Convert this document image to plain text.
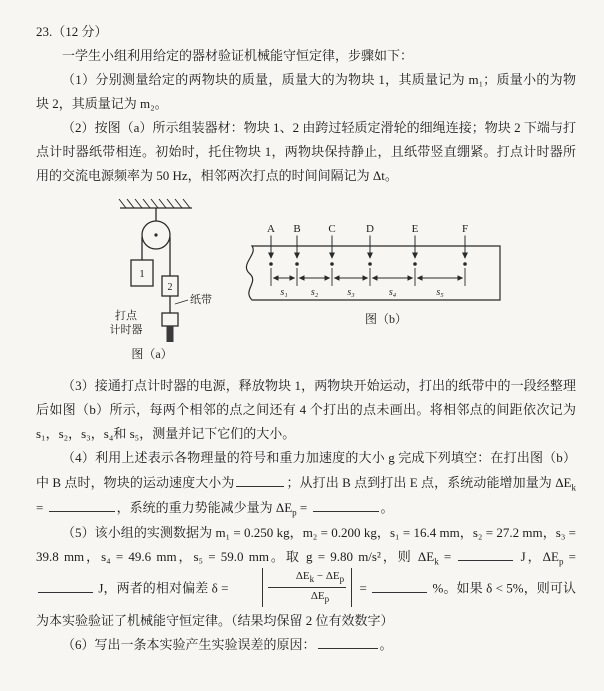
23.（12 分）

一学生小组利用给定的器材验证机械能守恒定律，步骤如下：

（1）分别测量给定的两物块的质量，质量大的为物块 1，其质量记为 m₁；质量小的为物块 2，其质量记为 m₂。

（2）按图（a）所示组装器材：物块 1、2 由跨过轻质定滑轮的细绳连接；物块 2 下端与打点计时器纸带相连。初始时，托住物块 1，两物块保持静止，且纸带竖直绷紧。打点计时器所用的交流电源频率为 50 Hz，相邻两次打点的时间间隔记为 Δt。

1
2
打点
计时器
纸带
图（a）
A B	C	D	E	F
s₁ s₂	s₃	s₄	s₅
图（b）

（3）接通打点计时器的电源，释放物块 1，两物块开始运动，打出的纸带中的一段经整理后如图（b）所示，每两个相邻的点之间还有 4 个打出的点未画出。将相邻点的间距依次记为 s₁，s₂，s₃，s₄和 s₅，测量并记下它们的大小。

（4）利用上述表示各物理量的符号和重力加速度的大小 g 完成下列填空：在打出图（b）中 B 点时，物块的运动速度大小为	；从打出 B 点到打出 E 点，系统动能增加量为 $\Delta E_k$ =	，系统的重力势能减少量为 $\Delta E_p$ =	。

（5）该小组的实测数据为 m₁ = 0.250 kg，m₂ = 0.200 kg，s₁ = 16.4 mm，s₂ = 27.2 mm，s₃ = 39.8 mm，s₄ = 49.6 mm，s₅ = 59.0 mm。取 g = 9.80 m/s²，则 $\Delta E_k$ =	J，$\Delta E_p = J$，两者的相对偏差 δ =	$\frac{\Delta E_k - \Delta E_p}{\Delta E_p}$ =	%。如果 δ < 5%，则可认为本实验验证了机械能守恒定律。（结果均保留 2 位有效数字）

（6）写出一条本实验产生实验误差的原因：	。
